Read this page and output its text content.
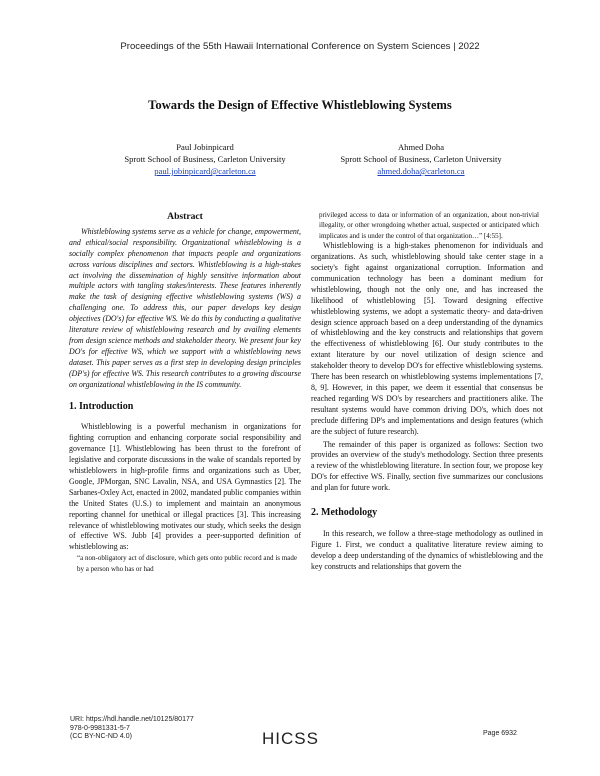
Proceedings of the 55th Hawaii International Conference on System Sciences | 2022
Towards the Design of Effective Whistleblowing Systems
Paul Jobinpicard
Sprott School of Business, Carleton University
paul.jobinpicard@carleton.ca
Ahmed Doha
Sprott School of Business, Carleton University
ahmed.doha@carleton.ca
Abstract

Whistleblowing systems serve as a vehicle for change, empowerment, and ethical/social responsibility. Organizational whistleblowing is a socially complex phenomenon that impacts people and organizations across various disciplines and sectors. Whistleblowing is a high-stakes act involving the dissemination of highly sensitive information about multiple actors with tangling stakes/interests. These features inherently make the task of designing effective whistleblowing systems (WS) a challenging one. To address this, our paper develops key design objectives (DO's) for effective WS. We do this by conducting a qualitative literature review of whistleblowing research and by availing elements from design science methods and stakeholder theory. We present four key DO's for effective WS, which we support with a whistleblowing news dataset. This paper serves as a first step in developing design principles (DP's) for effective WS. This research contributes to a growing discourse on organizational whistleblowing in the IS community.

1. Introduction

Whistleblowing is a powerful mechanism in organizations for fighting corruption and enhancing corporate social responsibility and governance [1]. Whistleblowing has been thrust to the forefront of legislative and corporate discussions in the wake of scandals reported by whistleblowers in high-profile firms and organizations such as Uber, Google, JPMorgan, SNC Lavalin, NSA, and USA Gymnastics [2]. The Sarbanes-Oxley Act, enacted in 2002, mandated public companies within the United States (U.S.) to implement and maintain an anonymous reporting channel for unethical or illegal practices [3]. This increasing relevance of whistleblowing motivates our study, which seeks the design of effective WS. Jubb [4] provides a peer-supported definition of whistleblowing as:

“a non-obligatory act of disclosure, which gets onto public record and is made by a person who has or had

privileged access to data or information of an organization, about non-trivial illegality, or other wrongdoing whether actual, suspected or anticipated which implicates and is under the control of that organization…” [4:55].

Whistleblowing is a high-stakes phenomenon for individuals and organizations. As such, whistleblowing should take center stage in a society's fight against organizational corruption. Information and communication technology has been a dominant medium for whistleblowing, though not the only one, and has increased the likelihood of whistleblowing [5]. Toward designing effective whistleblowing systems, we adopt a systematic theory- and data-driven design science approach based on a deep understanding of the dynamics of whistleblowing and the key constructs and relationships that govern the effectiveness of whistleblowing [6]. Our study contributes to the extant literature by our novel utilization of design science and stakeholder theory to develop DO's for effective whistleblowing systems. There has been research on whistleblowing systems implementations [7, 8, 9]. However, in this paper, we deem it essential that consensus be reached regarding WS DO's by researchers and practitioners alike. The resultant systems would have common driving DO's, which does not preclude differing DP's and implementations and design features (which are the subject of future research).

The remainder of this paper is organized as follows: Section two provides an overview of the study's methodology. Section three presents a review of the whistleblowing literature. In section four, we propose key DO's for effective WS. Finally, section five summarizes our conclusions and plan for future work.

2. Methodology

In this research, we follow a three-stage methodology as outlined in Figure 1. First, we conduct a qualitative literature review aiming to develop a deep understanding of the dynamics of whistleblowing and the key constructs and relationships that govern the

URI: https://hdl.handle.net/10125/80177
978-0-9981331-5-7
(CC BY-NC-ND 4.0)	HICSS	Page 6932
